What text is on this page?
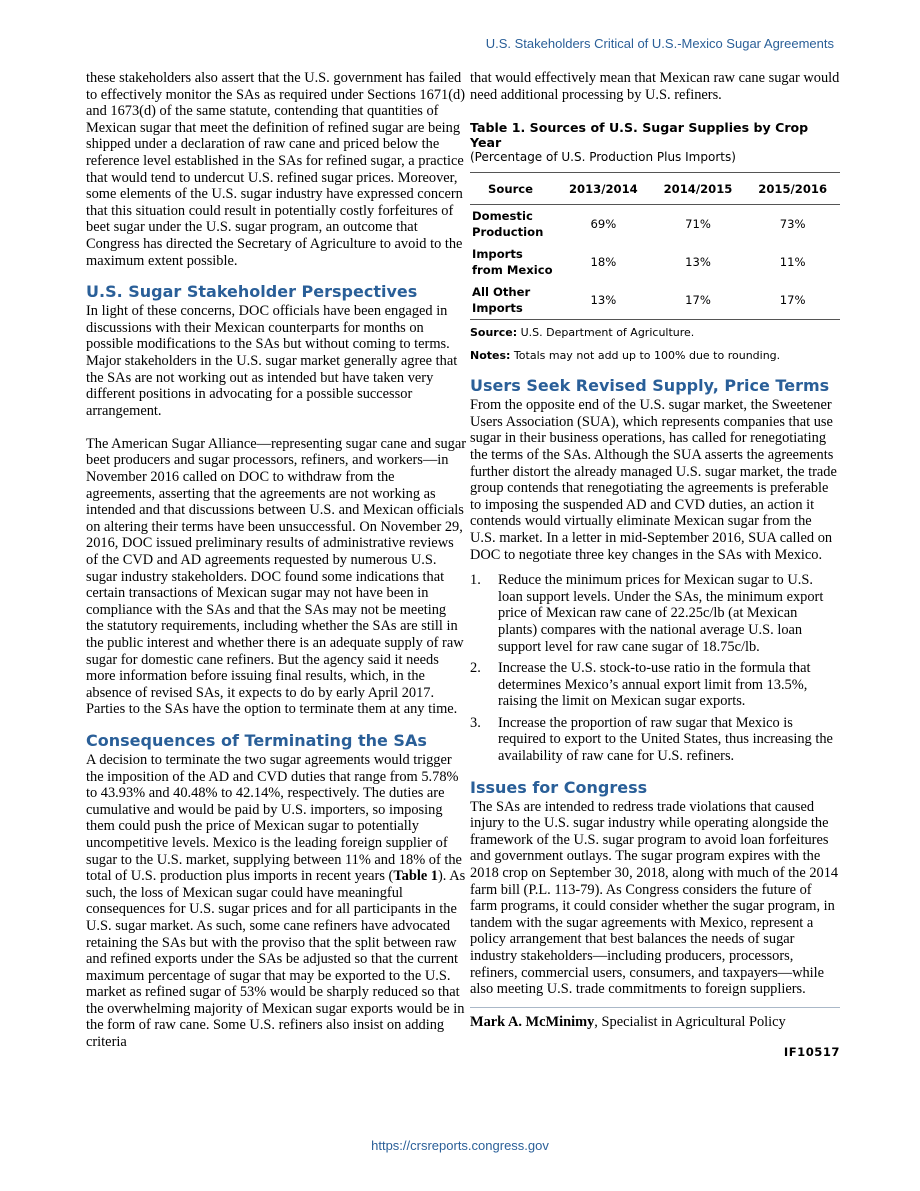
U.S. Stakeholders Critical of U.S.-Mexico Sugar Agreements

these stakeholders also assert that the U.S. government has failed to effectively monitor the SAs as required under Sections 1671(d) and 1673(d) of the same statute, contending that quantities of Mexican sugar that meet the definition of refined sugar are being shipped under a declaration of raw cane and priced below the reference level established in the SAs for refined sugar, a practice that would tend to undercut U.S. refined sugar prices. Moreover, some elements of the U.S. sugar industry have expressed concern that this situation could result in potentially costly forfeitures of beet sugar under the U.S. sugar program, an outcome that Congress has directed the Secretary of Agriculture to avoid to the maximum extent possible.

U.S. Sugar Stakeholder Perspectives

In light of these concerns, DOC officials have been engaged in discussions with their Mexican counterparts for months on possible modifications to the SAs but without coming to terms. Major stakeholders in the U.S. sugar market generally agree that the SAs are not working out as intended but have taken very different positions in advocating for a possible successor arrangement.

The American Sugar Alliance—representing sugar cane and sugar beet producers and sugar processors, refiners, and workers—in November 2016 called on DOC to withdraw from the agreements, asserting that the agreements are not working as intended and that discussions between U.S. and Mexican officials on altering their terms have been unsuccessful. On November 29, 2016, DOC issued preliminary results of administrative reviews of the CVD and AD agreements requested by numerous U.S. sugar industry stakeholders. DOC found some indications that certain transactions of Mexican sugar may not have been in compliance with the SAs and that the SAs may not be meeting the statutory requirements, including whether the SAs are still in the public interest and whether there is an adequate supply of raw sugar for domestic cane refiners. But the agency said it needs more information before issuing final results, which, in the absence of revised SAs, it expects to do by early April 2017. Parties to the SAs have the option to terminate them at any time.

Consequences of Terminating the SAs

A decision to terminate the two sugar agreements would trigger the imposition of the AD and CVD duties that range from 5.78% to 43.93% and 40.48% to 42.14%, respectively. The duties are cumulative and would be paid by U.S. importers, so imposing them could push the price of Mexican sugar to potentially uncompetitive levels. Mexico is the leading foreign supplier of sugar to the U.S. market, supplying between 11% and 18% of the total of U.S. production plus imports in recent years (Table 1). As such, the loss of Mexican sugar could have meaningful consequences for U.S. sugar prices and for all participants in the U.S. sugar market. As such, some cane refiners have advocated retaining the SAs but with the proviso that the split between raw and refined exports under the SAs be adjusted so that the current maximum percentage of sugar that may be exported to the U.S. market as refined sugar of 53% would be sharply reduced so that the overwhelming majority of Mexican sugar exports would be in the form of raw cane. Some U.S. refiners also insist on adding criteria

that would effectively mean that Mexican raw cane sugar would need additional processing by U.S. refiners.

Table 1. Sources of U.S. Sugar Supplies by Crop Year
(Percentage of U.S. Production Plus Imports)
Source	2013/2014	2014/2015	2015/2016
Domestic Production	69%	71%	73%
Imports from Mexico	18%	13%	11%
All Other Imports	13%	17%	17%

Source: U.S. Department of Agriculture.

Notes: Totals may not add up to 100% due to rounding.

Users Seek Revised Supply, Price Terms

From the opposite end of the U.S. sugar market, the Sweetener Users Association (SUA), which represents companies that use sugar in their business operations, has called for renegotiating the terms of the SAs. Although the SUA asserts the agreements further distort the already managed U.S. sugar market, the trade group contends that renegotiating the agreements is preferable to imposing the suspended AD and CVD duties, an action it contends would virtually eliminate Mexican sugar from the U.S. market. In a letter in mid-September 2016, SUA called on DOC to negotiate three key changes in the SAs with Mexico.

1. Reduce the minimum prices for Mexican sugar to U.S. loan support levels. Under the SAs, the minimum export price of Mexican raw cane of 22.25c/lb (at Mexican plants) compares with the national average U.S. loan support level for raw cane sugar of 18.75c/lb.
2. Increase the U.S. stock-to-use ratio in the formula that determines Mexico’s annual export limit from 13.5%, raising the limit on Mexican sugar exports.
3. Increase the proportion of raw sugar that Mexico is required to export to the United States, thus increasing the availability of raw cane for U.S. refiners.
Issues for Congress

The SAs are intended to redress trade violations that caused injury to the U.S. sugar industry while operating alongside the framework of the U.S. sugar program to avoid loan forfeitures and government outlays. The sugar program expires with the 2018 crop on September 30, 2018, along with much of the 2014 farm bill (P.L. 113-79). As Congress considers the future of farm programs, it could consider whether the sugar program, in tandem with the sugar agreements with Mexico, represent a policy arrangement that best balances the needs of sugar industry stakeholders—including producers, processors, refiners, commercial users, consumers, and taxpayers—while also meeting U.S. trade commitments to foreign suppliers.

Mark A. McMinimy, Specialist in Agricultural Policy

IF10517

https://crsreports.congress.gov
